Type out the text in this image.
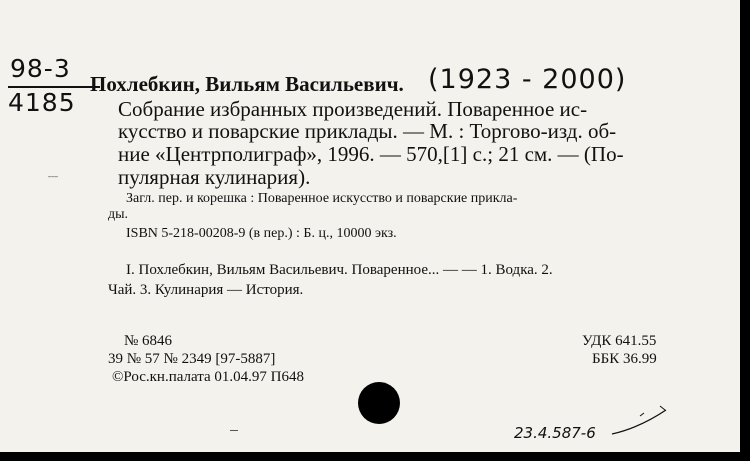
98-3
4185
Похлебкин, Вильям Васильевич. (1923 - 2000)
Собрание избранных произведений. Поваренное ис-
кусство и поварские приклады. — М. : Торгово-изд. об-
ние «Центрполиграф», 1996. — 570,[1] с.; 21 см. — (По-
пулярная кулинария).
ˉˉˉ
Загл. пер. и корешка : Поваренное искусство и поварские прикла-
ды.
ISBN 5-218-00208-9 (в пер.) : Б. ц., 10000 экз.
I. Похлебкин, Вильям Васильевич. Поваренное... — — 1. Водка. 2.
Чай. 3. Кулинария — История.
№ 6846
39 № 57 № 2349 [97-5887]
©Рос.кн.палата 01.04.97 П648
УДК 641.55
ББК 36.99
23.4.587-6
